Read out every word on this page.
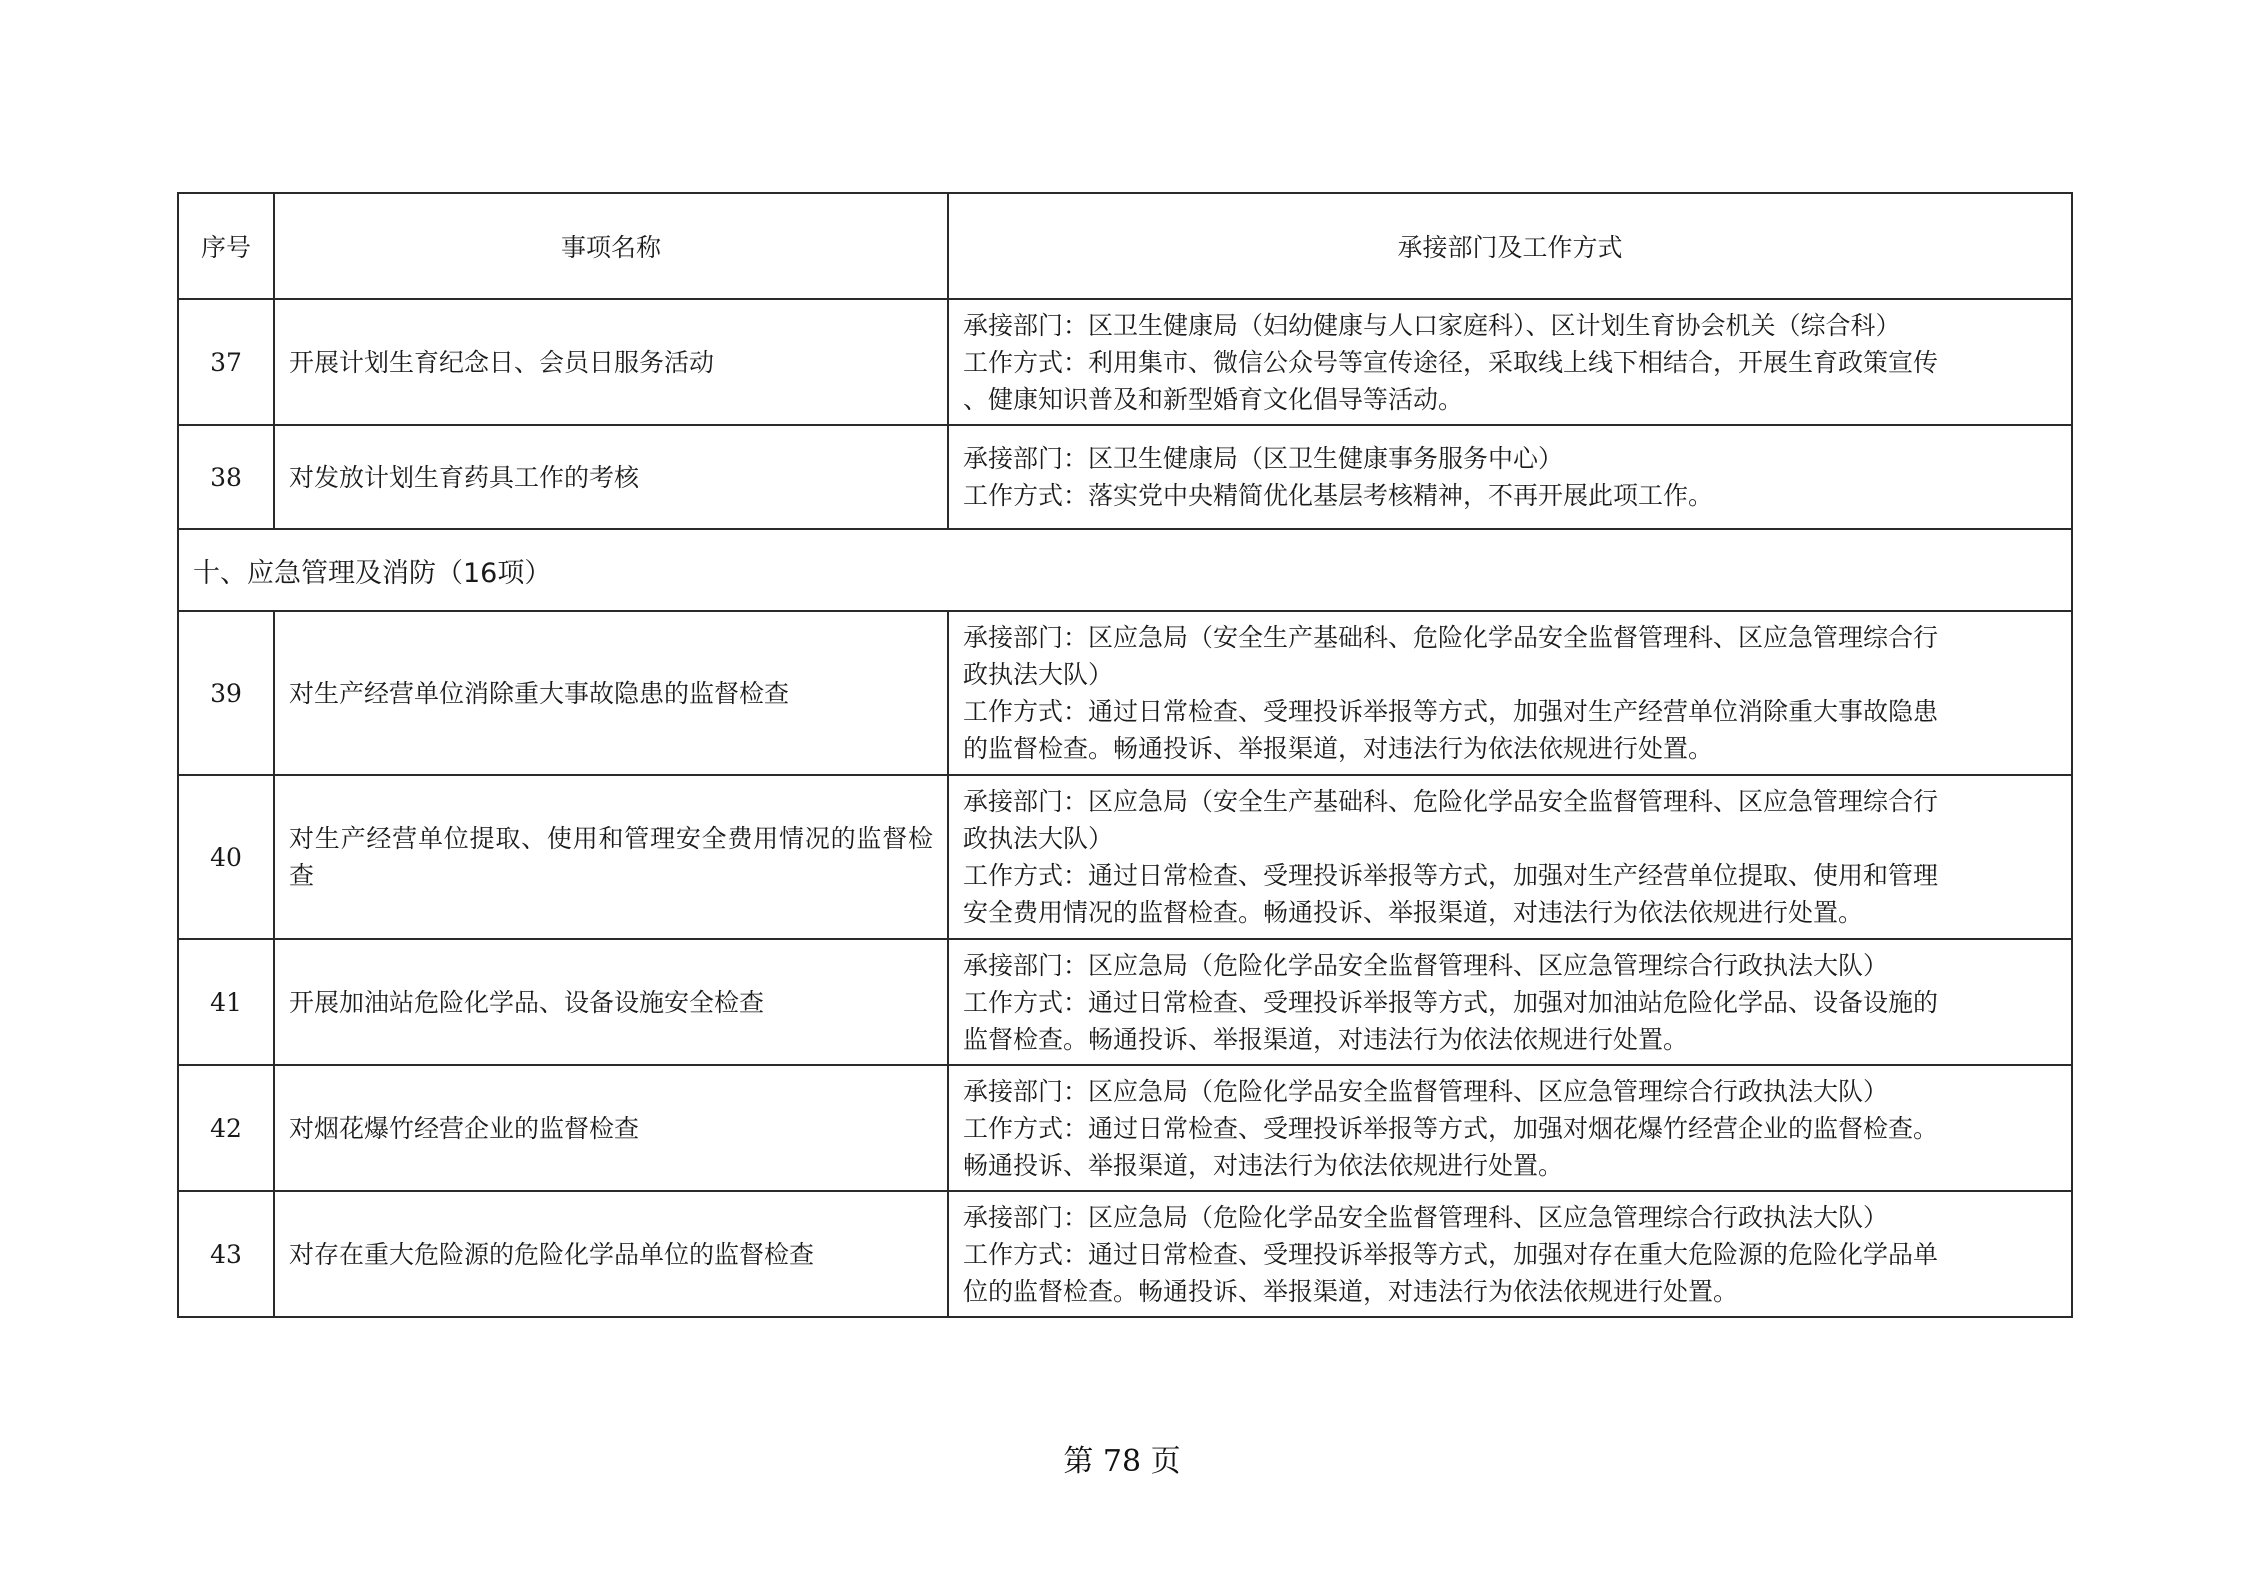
序号	事项名称	承接部门及工作方式
37	开展计划生育纪念日、会员日服务活动	承接部门：区卫生健康局（妇幼健康与人口家庭科）、区计划生育协会机关（综合科）
工作方式：利用集市、微信公众号等宣传途径，采取线上线下相结合，开展生育政策宣传
、健康知识普及和新型婚育文化倡导等活动。

38	对发放计划生育药具工作的考核	承接部门：区卫生健康局（区卫生健康事务服务中心）
工作方式：落实党中央精简优化基层考核精神，不再开展此项工作。

十、应急管理及消防（16项）		
39	对生产经营单位消除重大事故隐患的监督检查	承接部门：区应急局（安全生产基础科、危险化学品安全监督管理科、区应急管理综合行
政执法大队）
工作方式：通过日常检查、受理投诉举报等方式，加强对生产经营单位消除重大事故隐患
的监督检查。畅通投诉、举报渠道，对违法行为依法依规进行处置。

40	对生产经营单位提取、使用和管理安全费用情况的监督检查	承接部门：区应急局（安全生产基础科、危险化学品安全监督管理科、区应急管理综合行
政执法大队）
工作方式：通过日常检查、受理投诉举报等方式，加强对生产经营单位提取、使用和管理
安全费用情况的监督检查。畅通投诉、举报渠道，对违法行为依法依规进行处置。

41	开展加油站危险化学品、设备设施安全检查	承接部门：区应急局（危险化学品安全监督管理科、区应急管理综合行政执法大队）
工作方式：通过日常检查、受理投诉举报等方式，加强对加油站危险化学品、设备设施的
监督检查。畅通投诉、举报渠道，对违法行为依法依规进行处置。

42	对烟花爆竹经营企业的监督检查	承接部门：区应急局（危险化学品安全监督管理科、区应急管理综合行政执法大队）
工作方式：通过日常检查、受理投诉举报等方式，加强对烟花爆竹经营企业的监督检查。
畅通投诉、举报渠道，对违法行为依法依规进行处置。

43	对存在重大危险源的危险化学品单位的监督检查	承接部门：区应急局（危险化学品安全监督管理科、区应急管理综合行政执法大队）
工作方式：通过日常检查、受理投诉举报等方式，加强对存在重大危险源的危险化学品单
位的监督检查。畅通投诉、举报渠道，对违法行为依法依规进行处置。
第 78 页
